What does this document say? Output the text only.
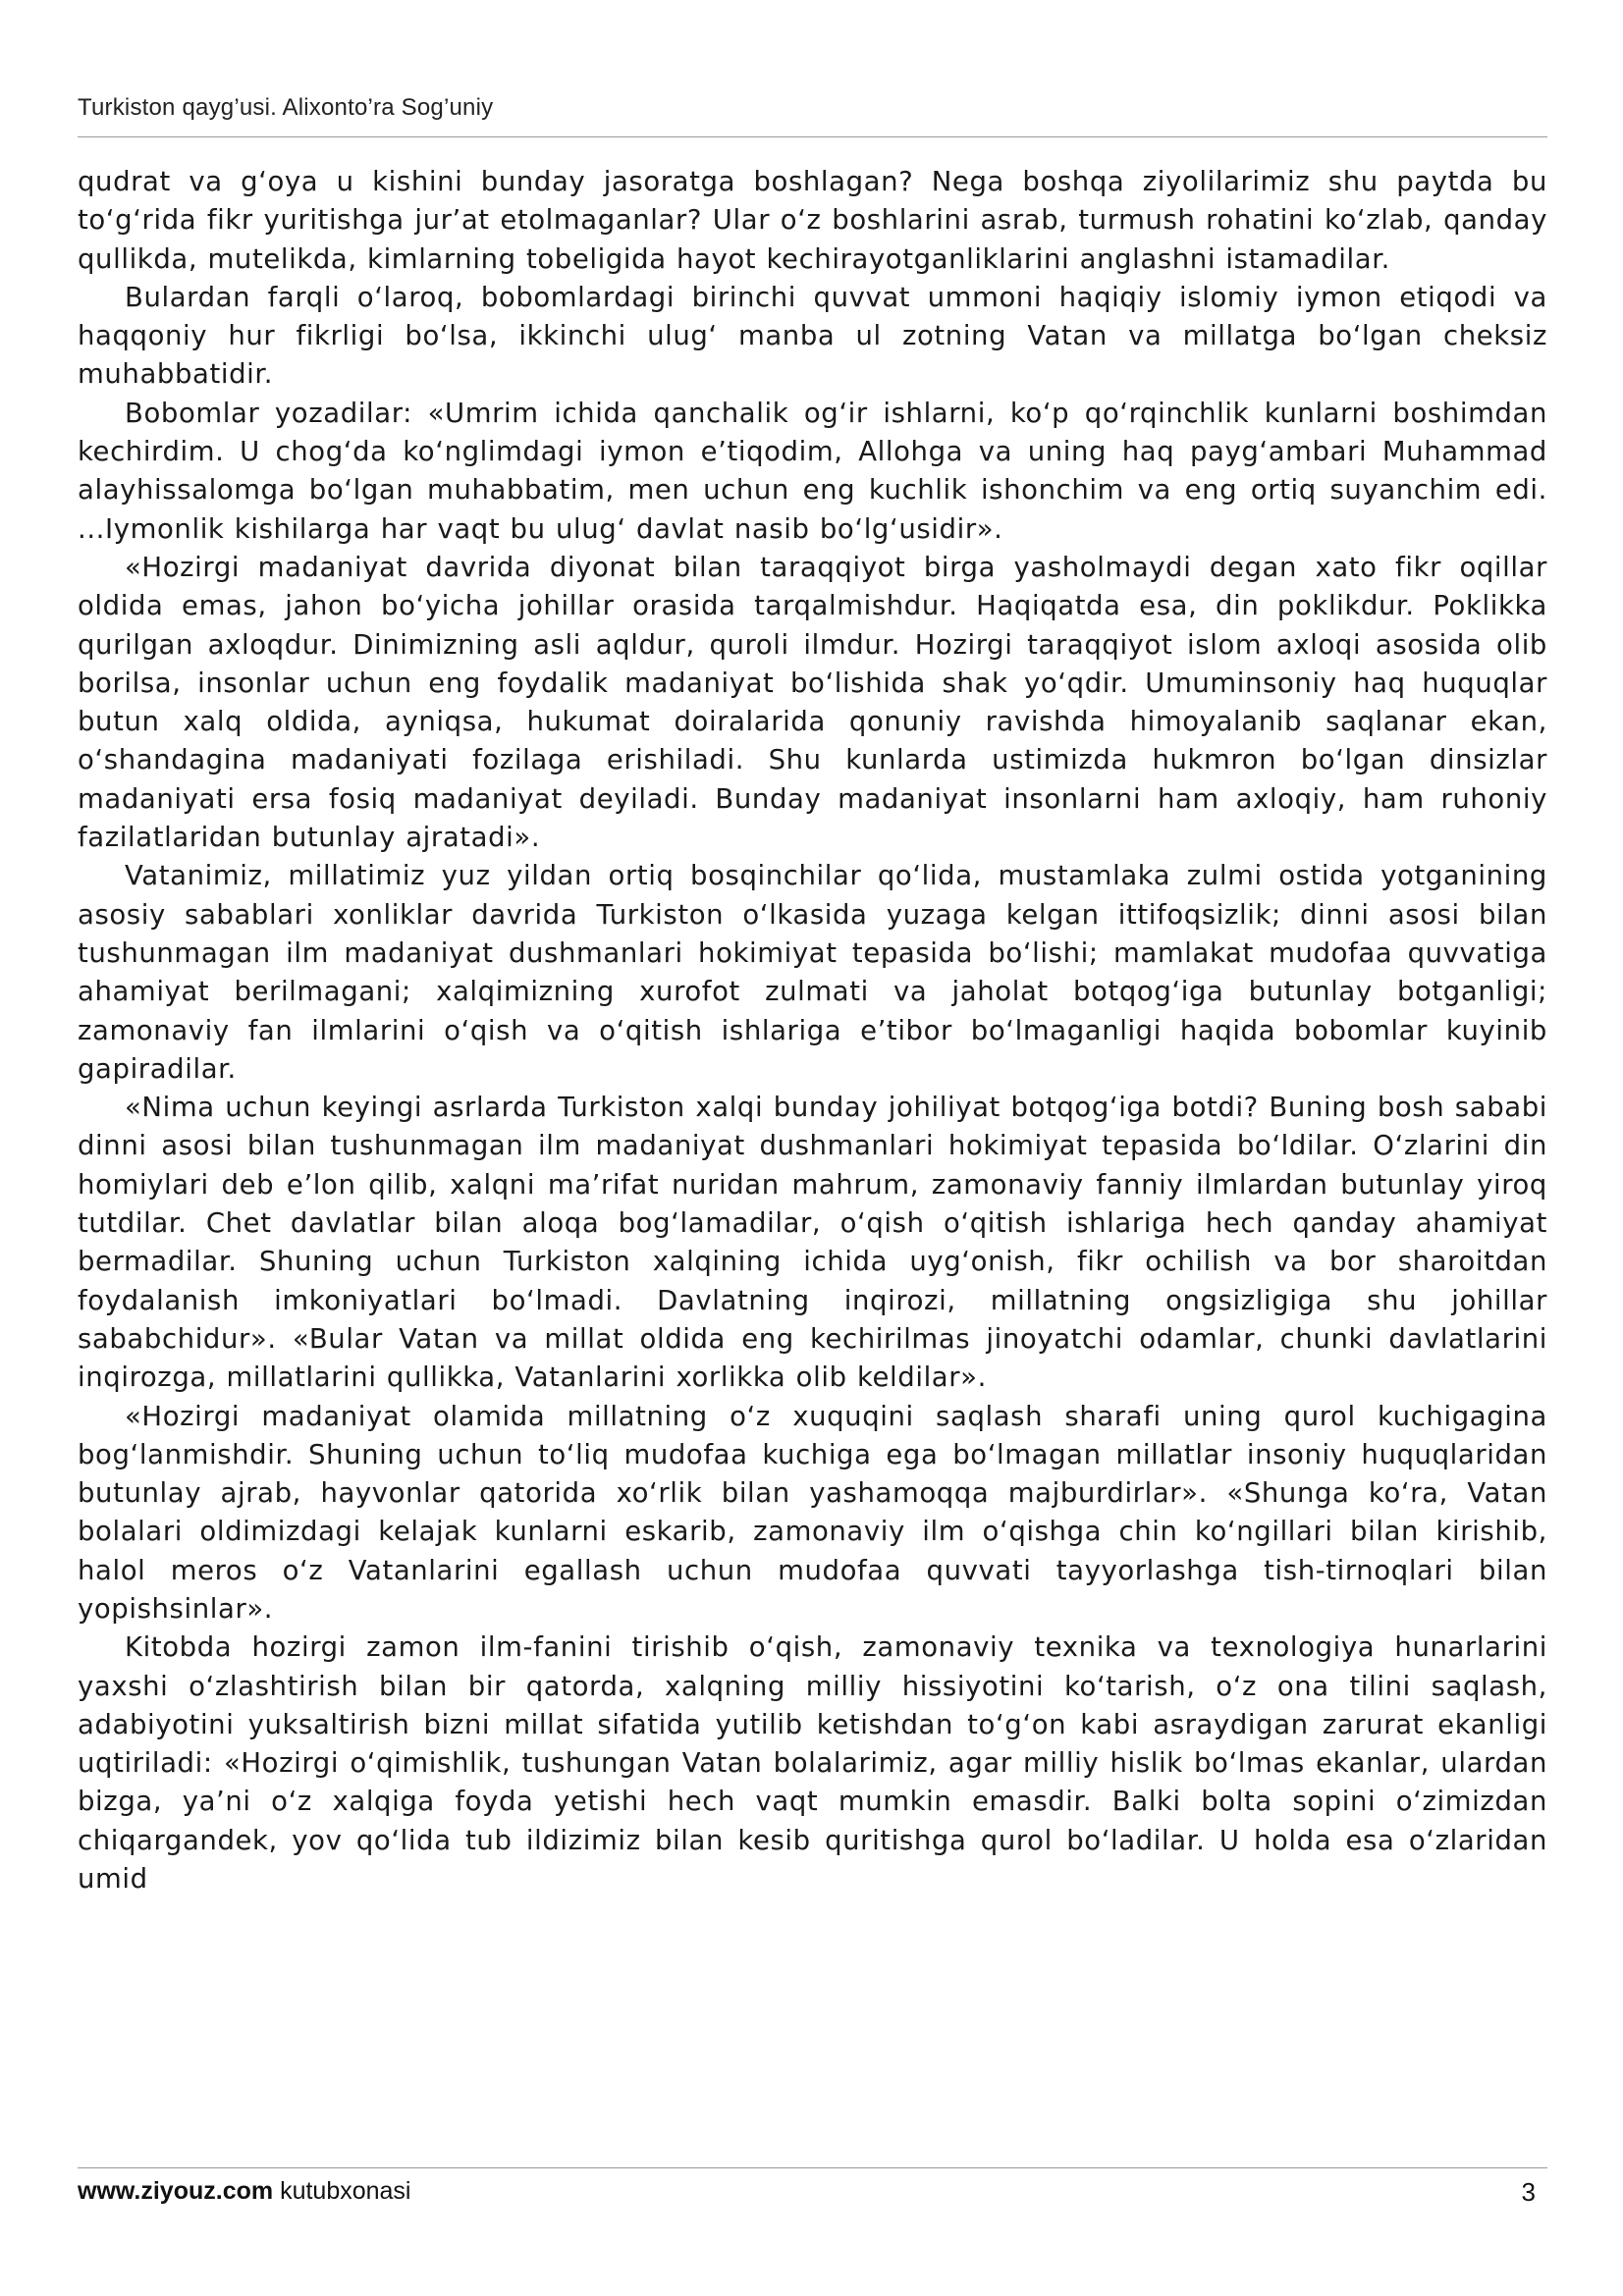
Turkiston qayg’usi. Alixonto’ra Sog’uniy

qudrat va g‘oya u kishini bunday jasoratga boshlagan? Nega boshqa ziyolilarimiz shu paytda bu to‘g‘rida fikr yuritishga jur’at etolmaganlar? Ular o‘z boshlarini asrab, turmush rohatini ko‘zlab, qanday qullikda, mutelikda, kimlarning tobeligida hayot kechirayotganliklarini anglashni istamadilar.

Bulardan farqli o‘laroq, bobomlardagi birinchi quvvat ummoni haqiqiy islomiy iymon etiqodi va haqqoniy hur fikrligi bo‘lsa, ikkinchi ulug‘ manba ul zotning Vatan va millatga bo‘lgan cheksiz muhabbatidir.

Bobomlar yozadilar: «Umrim ichida qanchalik og‘ir ishlarni, ko‘p qo‘rqinchlik kunlarni boshimdan kechirdim. U chog‘da ko‘nglimdagi iymon e’tiqodim, Allohga va uning haq payg‘ambari Muhammad alayhissalomga bo‘lgan muhabbatim, men uchun eng kuchlik ishonchim va eng ortiq suyanchim edi. ...Iymonlik kishilarga har vaqt bu ulug‘ davlat nasib bo‘lg‘usidir».

«Hozirgi madaniyat davrida diyonat bilan taraqqiyot birga yasholmaydi degan xato fikr oqillar oldida emas, jahon bo‘yicha johillar orasida tarqalmishdur. Haqiqatda esa, din poklikdur. Poklikka qurilgan axloqdur. Dinimizning asli aqldur, quroli ilmdur. Hozirgi taraqqiyot islom axloqi asosida olib borilsa, insonlar uchun eng foydalik madaniyat bo‘lishida shak yo‘qdir. Umuminsoniy haq huquqlar butun xalq oldida, ayniqsa, hukumat doiralarida qonuniy ravishda himoyalanib saqlanar ekan, o‘shandagina madaniyati fozilaga erishiladi. Shu kunlarda ustimizda hukmron bo‘lgan dinsizlar madaniyati ersa fosiq madaniyat deyiladi. Bunday madaniyat insonlarni ham axloqiy, ham ruhoniy fazilatlaridan butunlay ajratadi».

Vatanimiz, millatimiz yuz yildan ortiq bosqinchilar qo‘lida, mustamlaka zulmi ostida yotganining asosiy sabablari xonliklar davrida Turkiston o‘lkasida yuzaga kelgan ittifoqsizlik; dinni asosi bilan tushunmagan ilm madaniyat dushmanlari hokimiyat tepasida bo‘lishi; mamlakat mudofaa quvvatiga ahamiyat berilmagani; xalqimizning xurofot zulmati va jaholat botqog‘iga butunlay botganligi; zamonaviy fan ilmlarini o‘qish va o‘qitish ishlariga e’tibor bo‘lmaganligi haqida bobomlar kuyinib gapiradilar.

«Nima uchun keyingi asrlarda Turkiston xalqi bunday johiliyat botqog‘iga botdi? Buning bosh sababi dinni asosi bilan tushunmagan ilm madaniyat dushmanlari hokimiyat tepasida bo‘ldilar. O‘zlarini din homiylari deb e’lon qilib, xalqni ma’rifat nuridan mahrum, zamonaviy fanniy ilmlardan butunlay yiroq tutdilar. Chet davlatlar bilan aloqa bog‘lamadilar, o‘qish o‘qitish ishlariga hech qanday ahamiyat bermadilar. Shuning uchun Turkiston xalqining ichida uyg‘onish, fikr ochilish va bor sharoitdan foydalanish imkoniyatlari bo‘lmadi. Davlatning inqirozi, millatning ongsizligiga shu johillar sababchidur». «Bular Vatan va millat oldida eng kechirilmas jinoyatchi odamlar, chunki davlatlarini inqirozga, millatlarini qullikka, Vatanlarini xorlikka olib keldilar».

«Hozirgi madaniyat olamida millatning o‘z xuquqini saqlash sharafi uning qurol kuchigagina bog‘lanmishdir. Shuning uchun to‘liq mudofaa kuchiga ega bo‘lmagan millatlar insoniy huquqlaridan butunlay ajrab, hayvonlar qatorida xo‘rlik bilan yashamoqqa majburdirlar». «Shunga ko‘ra, Vatan bolalari oldimizdagi kelajak kunlarni eskarib, zamonaviy ilm o‘qishga chin ko‘ngillari bilan kirishib, halol meros o‘z Vatanlarini egallash uchun mudofaa quvvati tayyorlashga tish-tirnoqlari bilan yopishsinlar».

Kitobda hozirgi zamon ilm-fanini tirishib o‘qish, zamonaviy texnika va texnologiya hunarlarini yaxshi o‘zlashtirish bilan bir qatorda, xalqning milliy hissiyotini ko‘tarish, o‘z ona tilini saqlash, adabiyotini yuksaltirish bizni millat sifatida yutilib ketishdan to‘g‘on kabi asraydigan zarurat ekanligi uqtiriladi: «Hozirgi o‘qimishlik, tushungan Vatan bolalarimiz, agar milliy hislik bo‘lmas ekanlar, ulardan bizga, ya’ni o‘z xalqiga foyda yetishi hech vaqt mumkin emasdir. Balki bolta sopini o‘zimizdan chiqargandek, yov qo‘lida tub ildizimiz bilan kesib quritishga qurol bo‘ladilar. U holda esa o‘zlaridan umid

www.ziyouz.com kutubxonasi	3
